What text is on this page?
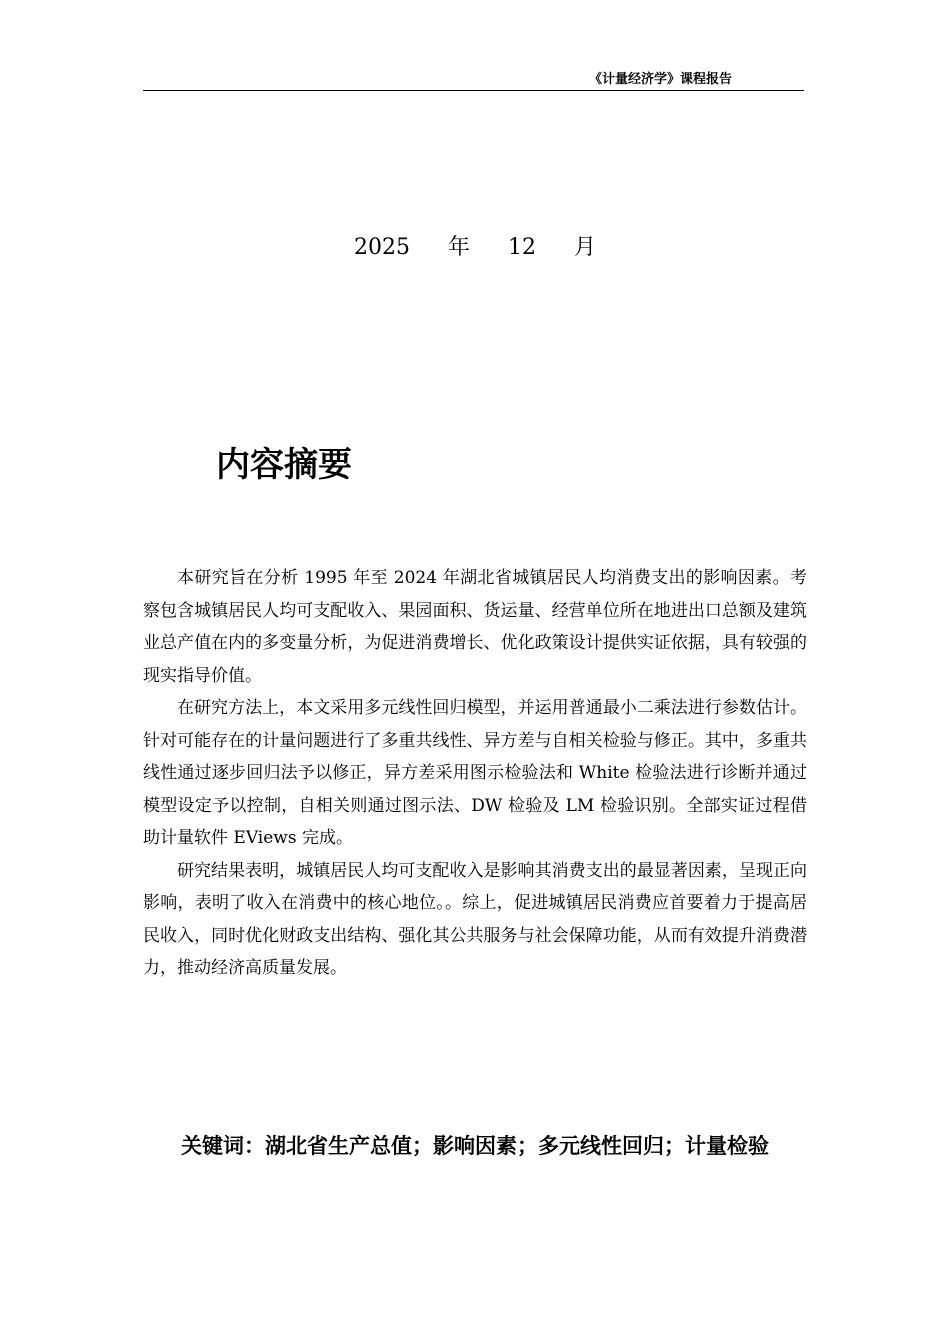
《计量经济学》课程报告
2025 年 12 月
内容摘要

本研究旨在分析 1995 年至 2024 年湖北省城镇居民人均消费支出的影响因素。考察包含城镇居民人均可支配收入、果园面积、货运量、经营单位所在地进出口总额及建筑业总产值在内的多变量分析，为促进消费增长、优化政策设计提供实证依据，具有较强的现实指导价值。

在研究方法上，本文采用多元线性回归模型，并运用普通最小二乘法进行参数估计。针对可能存在的计量问题进行了多重共线性、异方差与自相关检验与修正。其中，多重共线性通过逐步回归法予以修正，异方差采用图示检验法和 White 检验法进行诊断并通过模型设定予以控制，自相关则通过图示法、DW 检验及 LM 检验识别。全部实证过程借助计量软件 EViews 完成。

研究结果表明，城镇居民人均可支配收入是影响其消费支出的最显著因素，呈现正向影响，表明了收入在消费中的核心地位。。综上，促进城镇居民消费应首要着力于提高居民收入，同时优化财政支出结构、强化其公共服务与社会保障功能，从而有效提升消费潜力，推动经济高质量发展。

关键词：湖北省生产总值；影响因素；多元线性回归；计量检验
